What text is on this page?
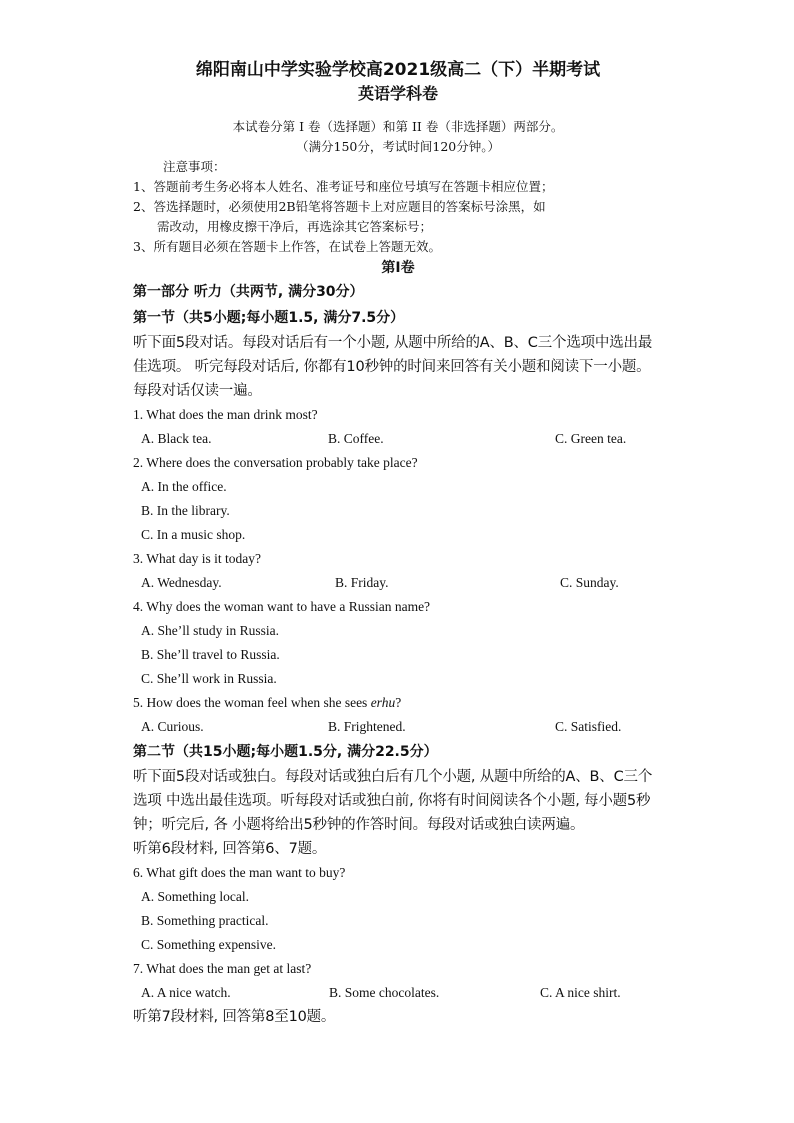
绵阳南山中学实验学校高2021级高二（下）半期考试
英语学科卷
本试卷分第 I 卷（选择题）和第 II 卷（非选择题）两部分。
（满分150分，考试时间120分钟。）
注意事项：
1、答题前考生务必将本人姓名、准考证号和座位号填写在答题卡相应位置；
2、答选择题时，必须使用2B铅笔将答题卡上对应题目的答案标号涂黑，如
需改动，用橡皮擦干净后，再选涂其它答案标号；
3、所有题目必须在答题卡上作答，在试卷上答题无效。
第I卷
第一部分 听力（共两节, 满分30分）
第一节（共5小题;每小题1.5, 满分7.5分）
听下面5段对话。每段对话后有一个小题, 从题中所给的A、B、C三个选项中选出最佳选项。 听完每段对话后, 你都有10秒钟的时间来回答有关小题和阅读下一小题。每段对话仅读一遍。
1. What does the man drink most?
A. Black tea.	B. Coffee.	C. Green tea.
2. Where does the conversation probably take place?
A. In the office.
B. In the library.
C. In a music shop.
3. What day is it today?
A. Wednesday.	B. Friday.	C. Sunday.
4. Why does the woman want to have a Russian name?
A. She’ll study in Russia.
B. She’ll travel to Russia.
C. She’ll work in Russia.
5. How does the woman feel when she sees erhu?
A. Curious.	B. Frightened.	C. Satisfied.
第二节（共15小题;每小题1.5分, 满分22.5分）
听下面5段对话或独白。每段对话或独白后有几个小题, 从题中所给的A、B、C三个选项 中选出最佳选项。听每段对话或独白前, 你将有时间阅读各个小题, 每小题5秒钟；听完后, 各 小题将给出5秒钟的作答时间。每段对话或独白读两遍。
听第6段材料, 回答第6、7题。
6. What gift does the man want to buy?
A. Something local.
B. Something practical.
C. Something expensive.
7. What does the man get at last?
A. A nice watch.	B. Some chocolates.	C. A nice shirt.
听第7段材料, 回答第8至10题。
